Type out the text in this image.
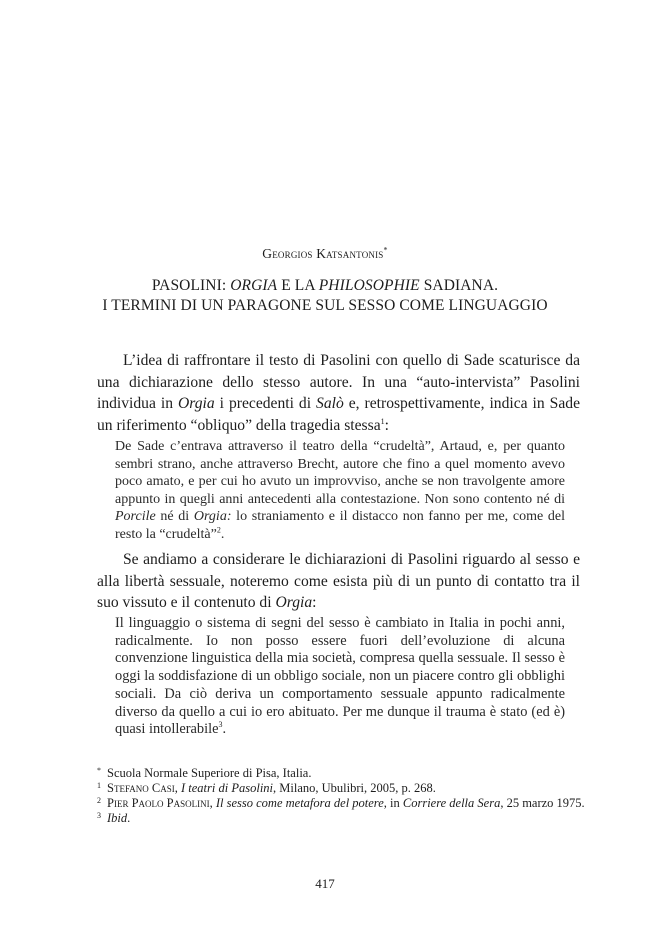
Georgios Katsantonis*
PASOLINI: ORGIA E LA PHILOSOPHIE SADIANA.
I TERMINI DI UN PARAGONE SUL SESSO COME LINGUAGGIO

L’idea di raffrontare il testo di Pasolini con quello di Sade scaturisce da una dichiarazione dello stesso autore. In una “auto-intervista” Pasolini individua in Orgia i precedenti di Salò e, retrospettivamente, indica in Sade un riferimento “obliquo” della tragedia stessa$^1$:

De Sade c’entrava attraverso il teatro della “crudeltà”, Artaud, e, per quanto sembri strano, anche attraverso Brecht, autore che fino a quel momento avevo poco amato, e per cui ho avuto un improvviso, anche se non travolgente amore appunto in quegli anni antecedenti alla contestazione. Non sono contento né di Porcile né di Orgia: lo straniamento e il distacco non fanno per me, come del resto la “crudeltà”$^2$.

Se andiamo a considerare le dichiarazioni di Pasolini riguardo al sesso e alla libertà sessuale, noteremo come esista più di un punto di contatto tra il suo vissuto e il contenuto di Orgia:

Il linguaggio o sistema di segni del sesso è cambiato in Italia in pochi anni, radicalmente. Io non posso essere fuori dell’evoluzione di alcuna convenzione linguistica della mia società, compresa quella sessuale. Il sesso è oggi la soddisfazione di un obbligo sociale, non un piacere contro gli obblighi sociali. Da ciò deriva un comportamento sessuale appunto radicalmente diverso da quello a cui io ero abituato. Per me dunque il trauma è stato (ed è) quasi intollerabile$^3$.

* Scuola Normale Superiore di Pisa, Italia.
1 Stefano Casi, I teatri di Pasolini, Milano, Ubulibri, 2005, p. 268.
2 Pier Paolo Pasolini, Il sesso come metafora del potere, in Corriere della Sera, 25 marzo 1975.
3 Ibid.
417
